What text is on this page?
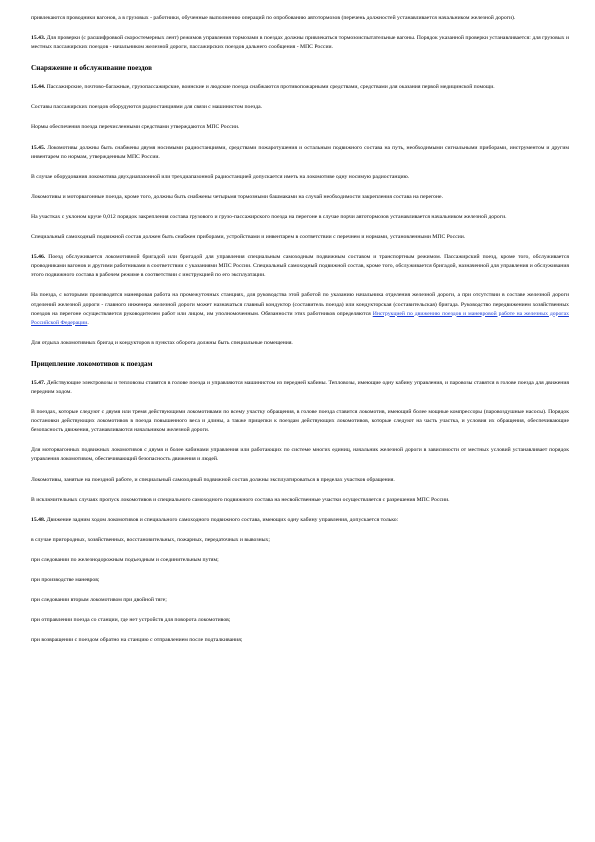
привлекаются проводники вагонов, а в грузовых - работники, обученные выполнению операций по опробованию автотормозов (перечень должностей устанавливается начальником железной дороги).

15.43. Для проверки (с расшифровкой скоростемерных лент) режимов управления тормозами в поездах должны привлекаться тормозоиспытательные вагоны. Порядок указанной проверки устанавливается: для грузовых и местных пассажирских поездов - начальником железной дороги, пассажирских поездов дальнего сообщения - МПС России.

Снаряжение и обслуживание поездов

15.44. Пассажирские, почтово-багажные, грузопассажирские, воинские и людские поезда снабжаются противопожарными средствами, средствами для оказания первой медицинской помощи.

Составы пассажирских поездов оборудуются радиостанциями для связи с машинистом поезда.

Нормы обеспечения поезда перечисленными средствами утверждаются МПС России.

15.45. Локомотивы должны быть снабжены двумя носимыми радиостанциями, средствами пожаротушения и остальным подвижного состава на путь, необходимыми сигнальными приборами, инструментом и другим инвентарем по нормам, утвержденным МПС России.

В случае оборудования локомотива двухдиапазонной или трехдиапазонной радиостанцией допускается иметь на локомотиве одну носимую радиостанцию.

Локомотивы и моторвагонные поезда, кроме того, должны быть снабжены четырьмя тормозными башмаками на случай необходимости закрепления состава на перегоне.

На участках с уклоном круче 0,012 порядок закрепления состава грузового и грузо-пассажирского поезда на перегоне в случае порчи автотормозов устанавливается начальником железной дороги.

Специальный самоходный подвижной состав должен быть снабжен приборами, устройствами и инвентарем в соответствии с перечнем и нормами, установленными МПС России.

15.46. Поезд обслуживается локомотивной бригадой или бригадой для управления специальным самоходным подвижным составом и транспортным режимом. Пассажирский поезд, кроме того, обслуживается проводниками вагонов и другими работниками в соответствии с указаниями МПС России. Специальный самоходный подвижной состав, кроме того, обслуживается бригадой, назначенной для управления и обслуживания этого подвижного состава в рабочем режиме в соответствии с инструкцией по его эксплуатации.

На поезда, с которыми производятся маневровая работа на промежуточных станциях, для руководства этой работой по указанию начальника отделения железной дороги, а при отсутствии в составе железной дороги отделений железной дороги - главного инженера железной дороги может назначаться главный кондуктор (составитель поезда) или кондукторская (составительская) бригада. Руководство передвижением хозяйственных поездов на перегоне осуществляется руководителем работ или лицом, им уполномоченным. Обязанности этих работников определяются Инструкцией по движению поездов и маневровой работе на железных дорогах Российской Федерации.

Для отдыха локомотивных бригад и кондукторов в пунктах оборота должны быть специальные помещения.

Прицепление локомотивов к поездам

15.47. Действующие электровозы и тепловозы ставятся в голове поезда и управляются машинистом из передней кабины. Тепловозы, имеющие одну кабину управления, и паровозы ставятся в голове поезда для движения передним ходом.

В поездах, которые следуют с двумя или тремя действующими локомотивами по всему участку обращения, в голове поезда ставится локомотив, имеющий более мощные компрессоры (паровоздушные насосы). Порядок постановки действующих локомотивов в поезда повышенного веса и длины, а также прицепки к поездам действующих локомотивов, которые следуют на часть участка, и условия их обращения, обеспечивающие безопасность движения, устанавливаются начальником железной дороги.

Для моторвагонных подвижных локомотивов с двумя и более кабинами управления или работающих по системе многих единиц, начальник железной дороги в зависимости от местных условий устанавливает порядок управления локомотивом, обеспечивающий безопасность движения и людей.

Локомотивы, занятые на поездной работе, и специальный самоходный подвижной состав должны эксплуатироваться в пределах участков обращения.

В исключительных случаях пропуск локомотивов и специального самоходного подвижного состава на несвойственные участки осуществляется с разрешения МПС России.

15.48. Движение задним ходом локомотивов и специального самоходного подвижного состава, имеющих одну кабину управления, допускается только:

в случае пригородных, хозяйственных, восстановительных, пожарных, передаточных и вывозных;

при следовании по железнодорожным подъездным и соединительным путям;

при производстве маневров;

при следовании вторым локомотивом при двойной тяге;

при отправлении поезда со станции, где нет устройств для поворота локомотивов;

при возвращении с поездом обратно на станцию с отправлением после подталкивания;
